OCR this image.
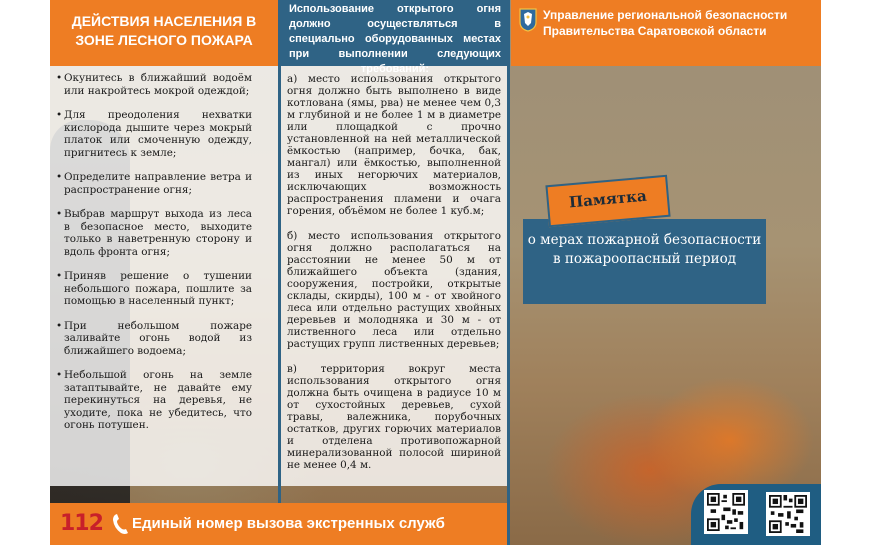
ДЕЙСТВИЯ НАСЕЛЕНИЯ В ЗОНЕ ЛЕСНОГО ПОЖАРА
• Окунитесь в ближайший водоём или накройтесь мокрой одеждой;
• Для преодоления нехватки кислорода дышите через мокрый платок или смоченную одежду, пригнитесь к земле;
• Определите направление ветра и распространение огня;
• Выбрав маршрут выхода из леса в безопасное место, выходите только в наветренную сторону и вдоль фронта огня;
• Приняв решение о тушении небольшого пожара, пошлите за помощью в населенный пункт;
• При небольшом пожаре заливайте огонь водой из ближайшего водоема;
• Небольшой огонь на земле затаптывайте, не давайте ему перекинуться на деревья, не уходите, пока не убедитесь, что огонь потушен.
Использование открытого огня должно осуществляться в специально оборудованных местах при выполнении следующих

а) место использования открытого огня должно быть выполнено в виде котлована (ямы, рва) не менее чем 0,3 м глубиной и не более 1 м в диаметре или площадкой с прочно установленной на ней металлической ёмкостью (например, бочка, бак, мангал) или ёмкостью, выполненной из иных негорючих материалов, исключающих возможность распространения пламени и очага горения, объёмом не более 1 куб.м;

б) место использования открытого огня должно располагаться на расстоянии не менее 50 м от ближайшего объекта (здания, сооружения, постройки, открытые склады, скирды), 100 м - от хвойного леса или отдельно растущих хвойных деревьев и молодняка и 30 м - от лиственного леса или отдельно растущих групп лиственных деревьев;

в) территория вокруг места использования открытого огня должна быть очищена в радиусе 10 м от сухостойных деревьев, сухой травы, валежника, порубочных остатков, других горючих материалов и отделена противопожарной минерализованной полосой шириной не менее 0,4 м.

Управление региональной безопасности Правительства Саратовской области
о мерах пожарной безопасности в пожароопасный период
Памятка
112 Единый номер вызова экстренных служб
